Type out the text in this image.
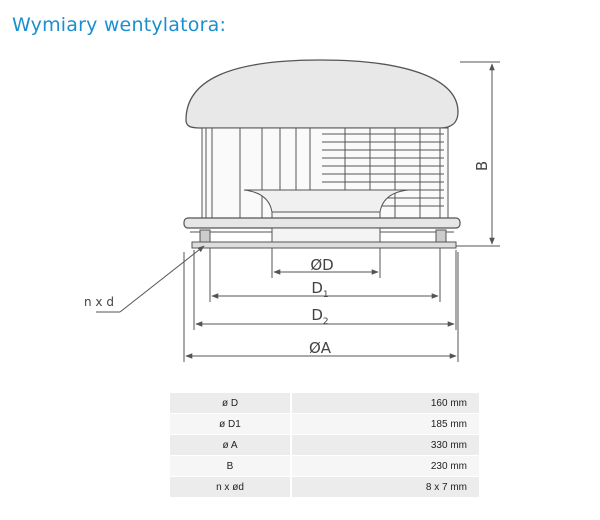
Wymiary wentylatora:
B
ØD
$D_1$
$D_2$
ØA
n x d
ø D	160 mm
ø D1	185 mm
ø A	330 mm
B	230 mm
n x ød	8 x 7 mm
